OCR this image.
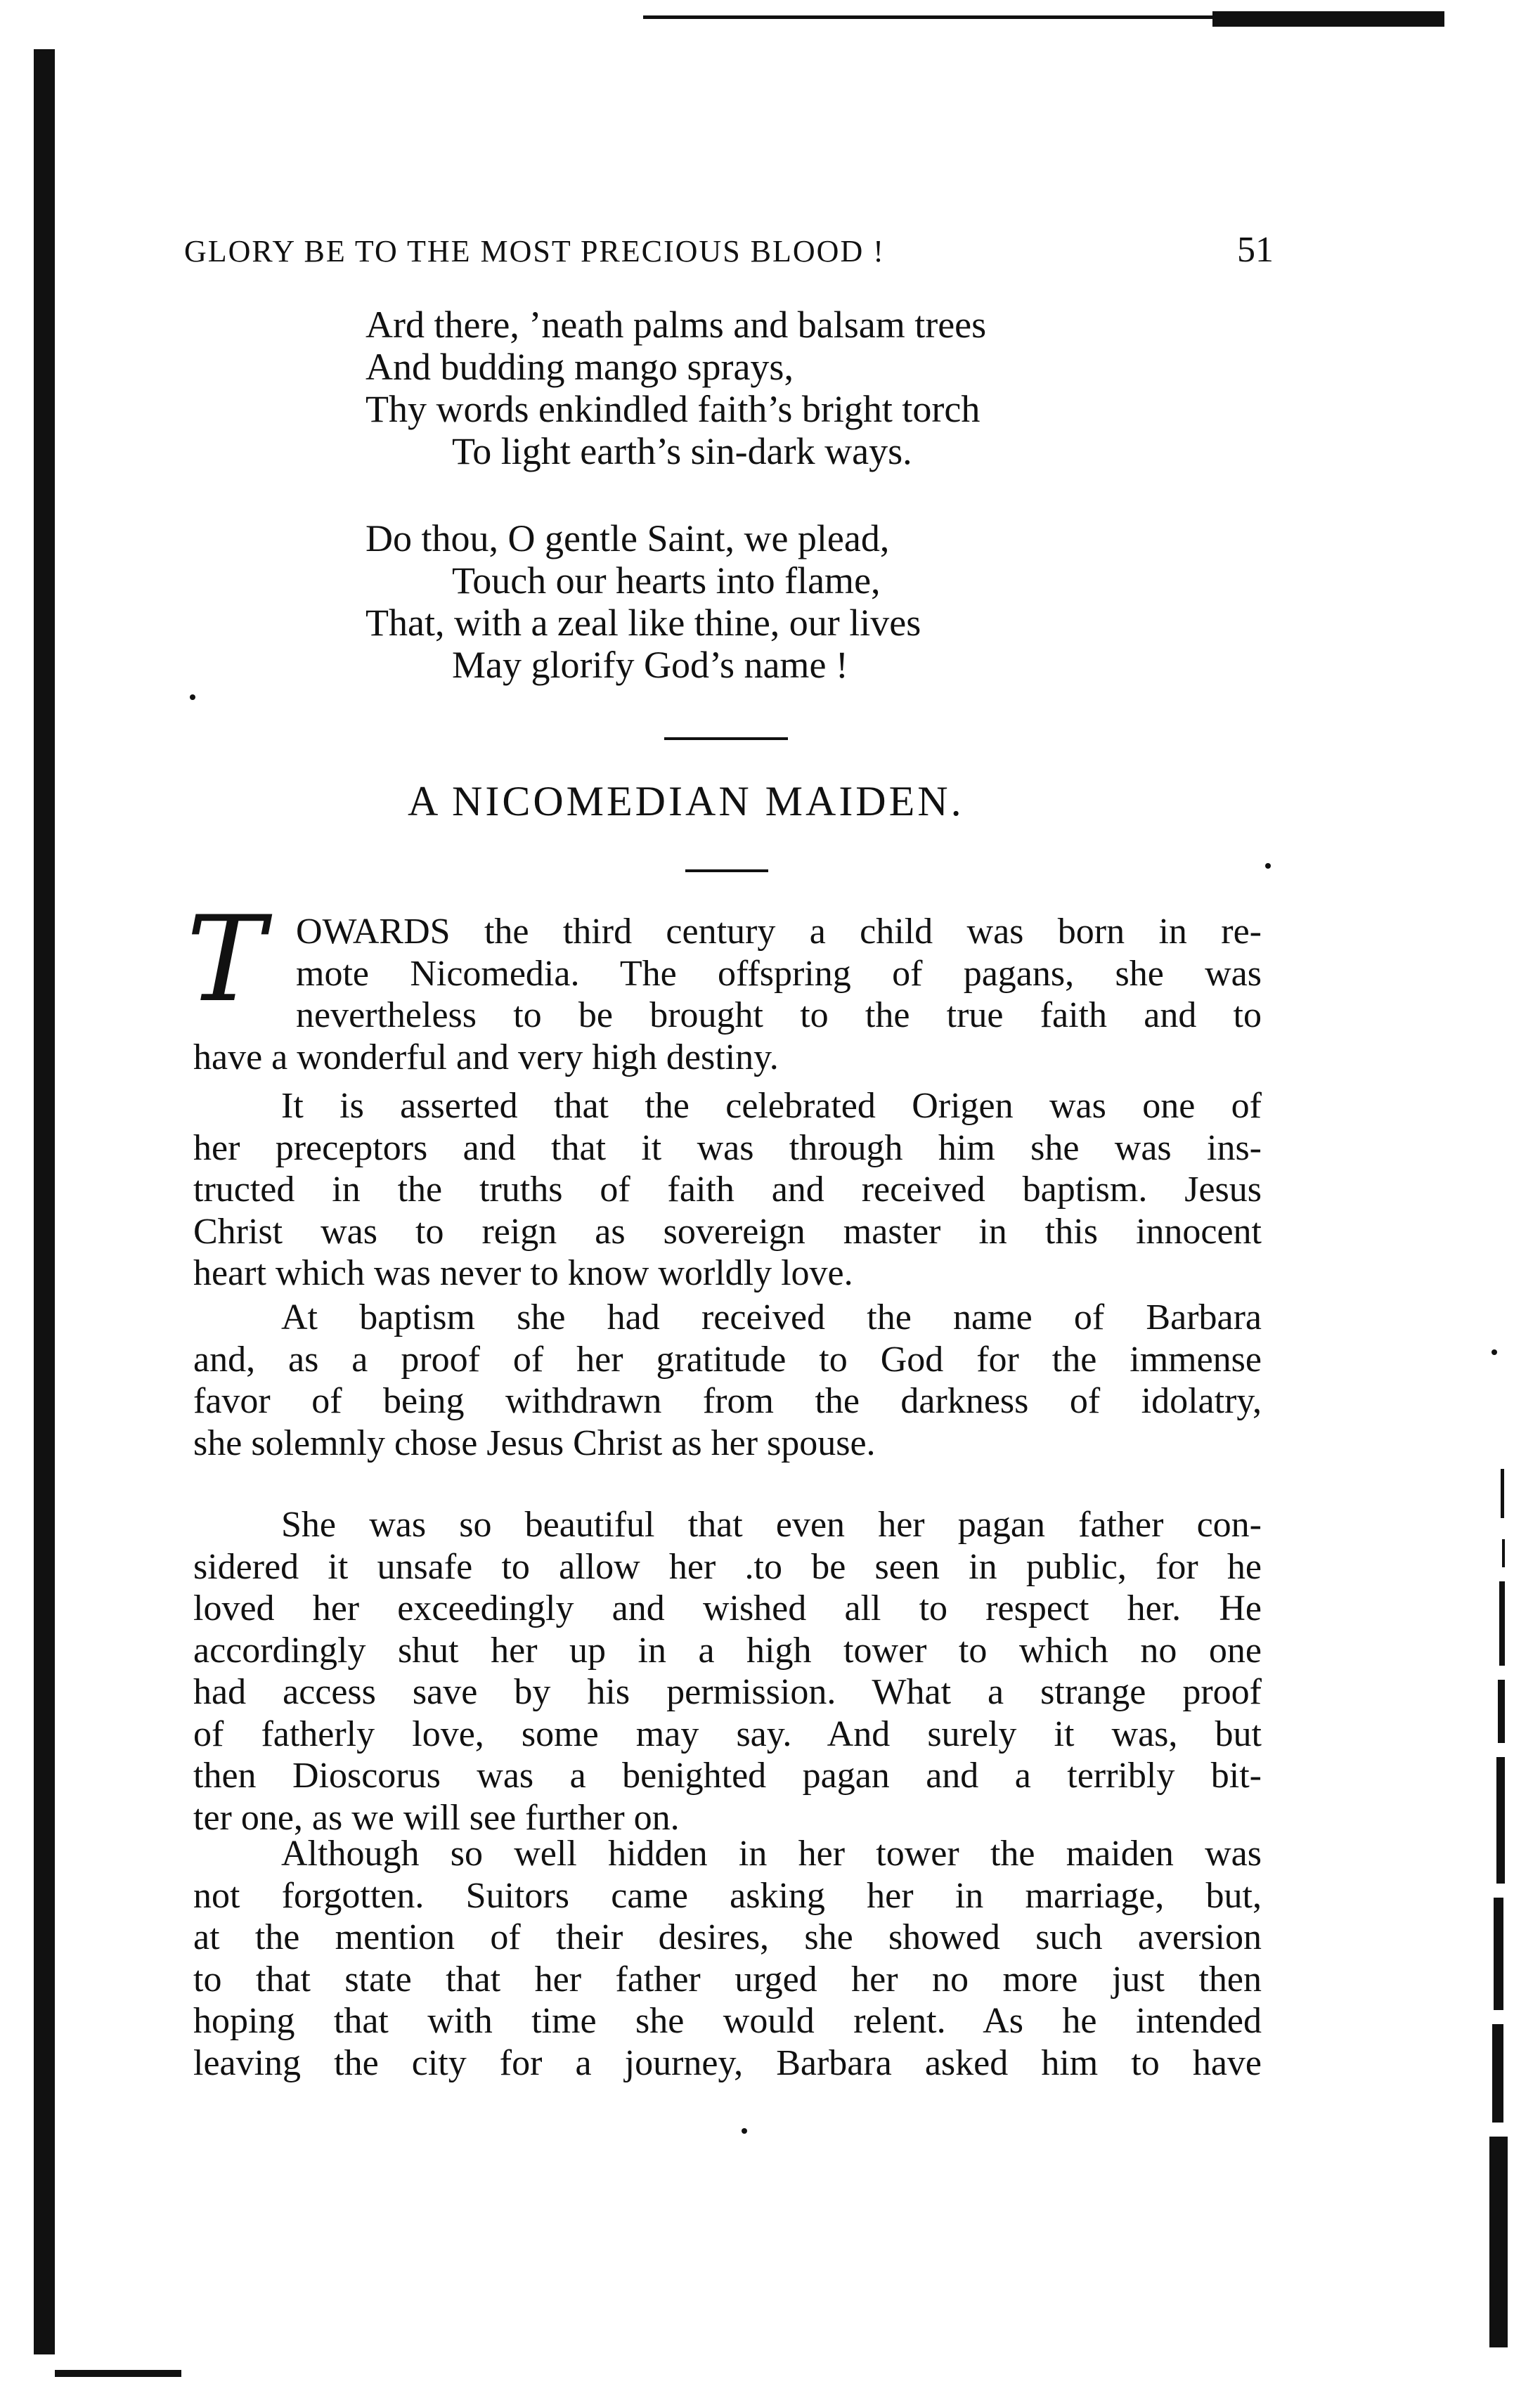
GLORY BE TO THE MOST PRECIOUS BLOOD !	51
Ard there, ’neath palms and balsam trees
And budding mango sprays,
Thy words enkindled faith’s bright torch
To light earth’s sin-dark ways.
Do thou, O gentle Saint, we plead,
Touch our hearts into flame,
That, with a zeal like thine, our lives
May glorify God’s name !
A NICOMEDIAN MAIDEN.
T OWARDS the third century a child was born in re-
mote Nicomedia. The offspring of pagans, she was
nevertheless to be brought to the true faith and to
have a wonderful and very high destiny.
It is asserted that the celebrated Origen was one of
her preceptors and that it was through him she was ins-
tructed in the truths of faith and received baptism. Jesus
Christ was to reign as sovereign master in this innocent
heart which was never to know worldly love.
At baptism she had received the name of Barbara
and, as a proof of her gratitude to God for the immense
favor of being withdrawn from the darkness of idolatry,
she solemnly chose Jesus Christ as her spouse.
She was so beautiful that even her pagan father con-
sidered it unsafe to allow her .to be seen in public, for he
loved her exceedingly and wished all to respect her. He
accordingly shut her up in a high tower to which no one
had access save by his permission. What a strange proof
of fatherly love, some may say. And surely it was, but
then Dioscorus was a benighted pagan and a terribly bit-
ter one, as we will see further on.
Although so well hidden in her tower the maiden was
not forgotten. Suitors came asking her in marriage, but,
at the mention of their desires, she showed such aversion
to that state that her father urged her no more just then
hoping that with time she would relent. As he intended
leaving the city for a journey, Barbara asked him to have
